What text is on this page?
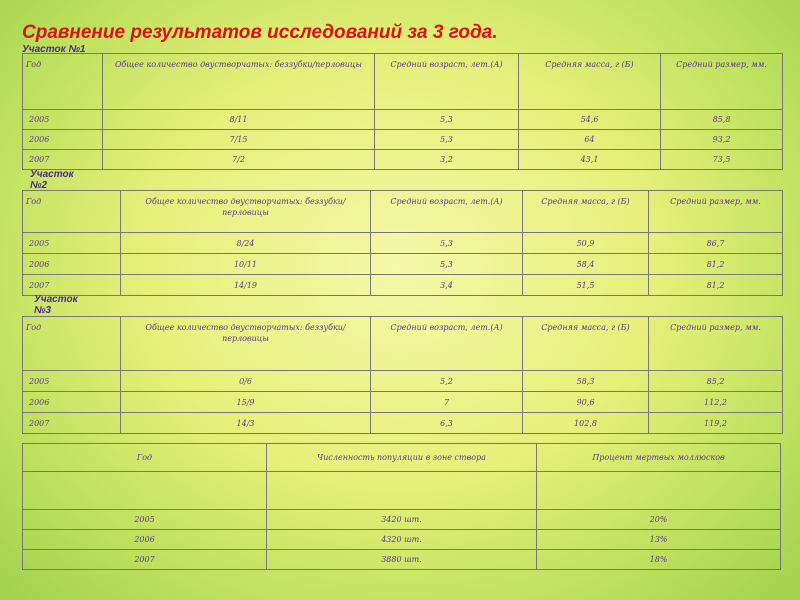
Сравнение результатов исследований за 3 года.
Участок №1
Год	Общее количество двустворчатых: беззубки/перловицы	Средний возраст, лет.(А)	Средняя масса, г (Б)	Средний размер, мм.
2005	8/11	5,3	54,6	85,8
2006	7/15	5,3	64	93,2
2007	7/2	3,2	43,1	73,5
Участок №2
Год	Общее количество двустворчатых: беззубки/перловицы	Средний возраст, лет.(А)	Средняя масса, г (Б)	Средний размер, мм.
2005	8/24	5,3	50,9	86,7
2006	10/11	5,3	58,4	81,2
2007	14/19	3,4	51,5	81,2
Участок №3
Год	Общее количество двустворчатых: беззубки/перловицы	Средний возраст, лет.(А)	Средняя масса, г (Б)	Средний размер, мм.
2005	0/6	5,2	58,3	85,2
2006	15/9	7	90,6	112,2
2007	14/3	6,3	102,8	119,2
Год	Численность популяции в зоне створа	Процент мертвых моллюсков

2005	3420 шт.	20%
2006	4320 шт.	13%
2007	3880 шт.	18%
